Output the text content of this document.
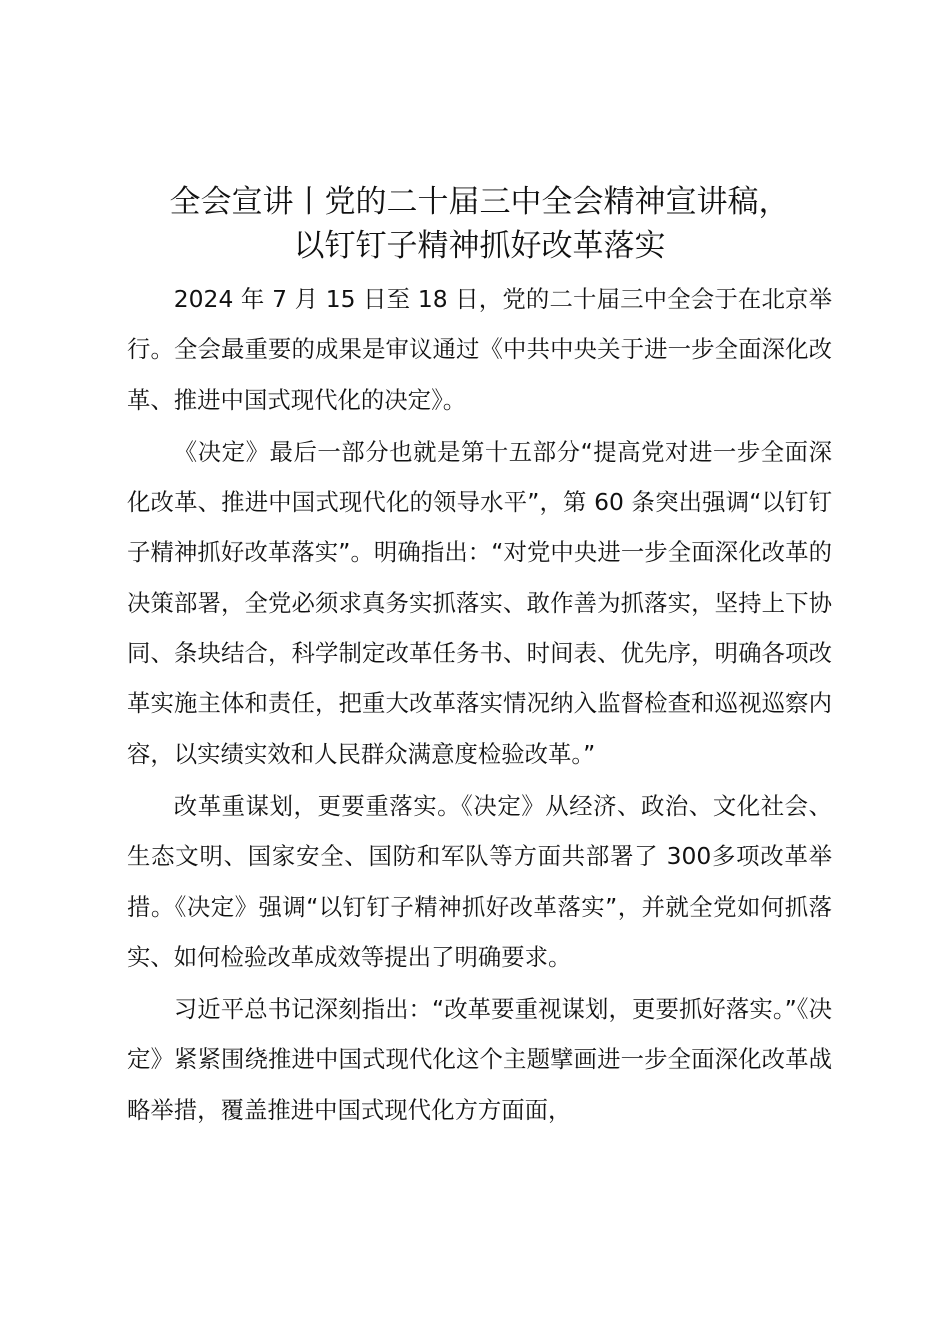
全会宣讲丨党的二十届三中全会精神宣讲稿，
以钉钉子精神抓好改革落实

2024 年 7 月 15 日至 18 日，党的二十届三中全会于在北京举行。全会最重要的成果是审议通过《中共中央关于进一步全面深化改革、推进中国式现代化的决定》。

《决定》最后一部分也就是第十五部分“提高党对进一步全面深化改革、推进中国式现代化的领导水平”，第 60 条突出强调“以钉钉子精神抓好改革落实”。明确指出：“对党中央进一步全面深化改革的决策部署，全党必须求真务实抓落实、敢作善为抓落实，坚持上下协同、条块结合，科学制定改革任务书、时间表、优先序，明确各项改革实施主体和责任，把重大改革落实情况纳入监督检查和巡视巡察内容，以实绩实效和人民群众满意度检验改革。”

改革重谋划，更要重落实。《决定》从经济、政治、文化社会、生态文明、国家安全、国防和军队等方面共部署了 300多项改革举措。《决定》强调“以钉钉子精神抓好改革落实”，并就全党如何抓落实、如何检验改革成效等提出了明确要求。

习近平总书记深刻指出：“改革要重视谋划，更要抓好落实。”《决定》紧紧围绕推进中国式现代化这个主题擘画进一步全面深化改革战略举措，覆盖推进中国式现代化方方面面，
